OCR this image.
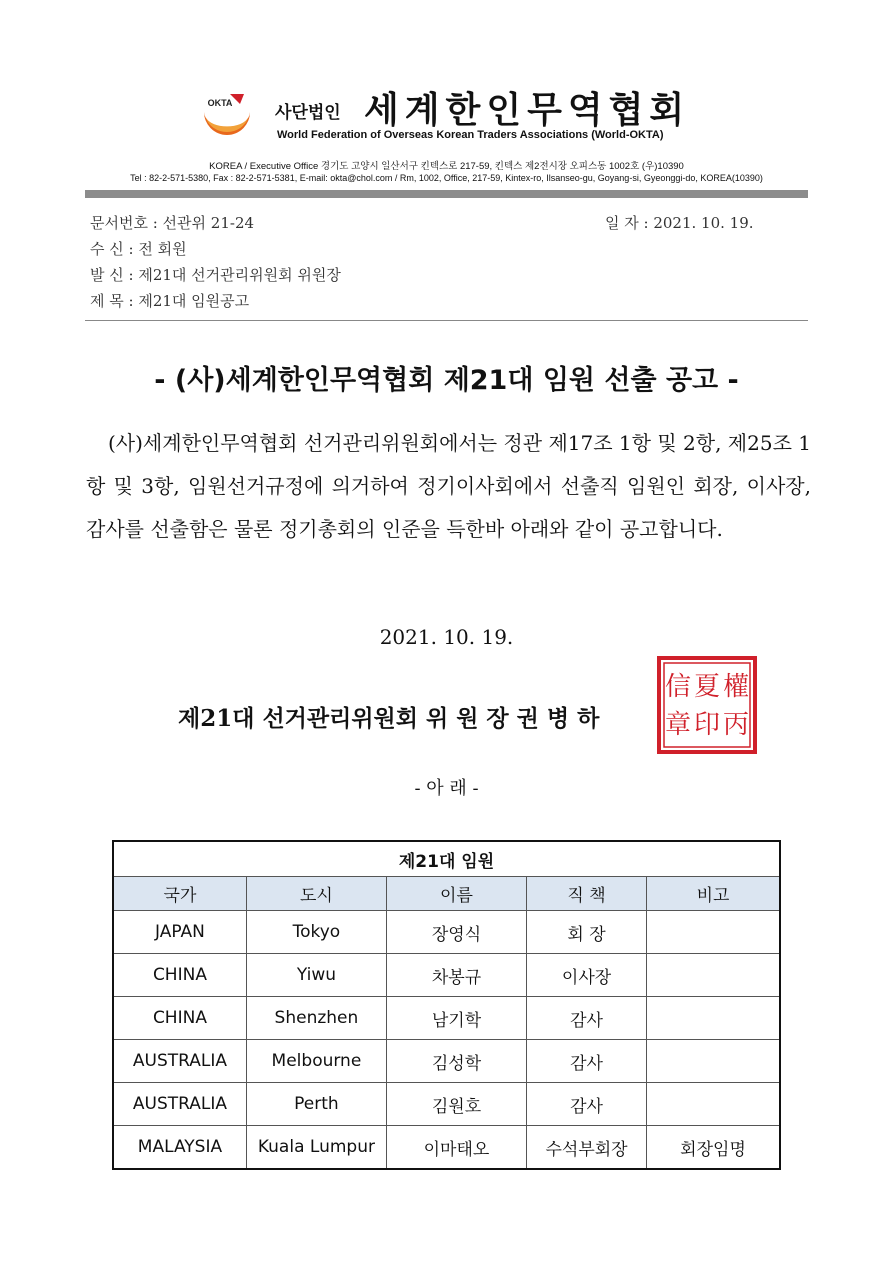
OKTA	사단법인 세계한인무역협회
World Federation of Overseas Korean Traders Associations (World-OKTA)
KOREA / Executive Office 경기도 고양시 일산서구 킨텍스로 217-59, 킨텍스 제2전시장 오피스동 1002호 (우)10390
Tel : 82-2-571-5380, Fax : 82-2-571-5381, E-mail: okta@chol.com / Rm, 1002, Office, 217-59, Kintex-ro, Ilsanseo-gu, Goyang-si, Gyeonggi-do, KOREA(10390)
문서번호 : 선관위 21-24	일 자 : 2021. 10. 19.
수 신 : 전 회원
발 신 : 제21대 선거관리위원회 위원장
제 목 : 제21대 임원공고
- (사)세계한인무역협회 제21대 임원 선출 공고 -
(사)세계한인무역협회 선거관리위원회에서는 정관 제17조 1항 및 2항, 제25조 1항 및 3항, 임원선거규정에 의거하여 정기이사회에서 선출직 임원인 회장, 이사장, 감사를 선출함은 물론 정기총회의 인준을 득한바 아래와 같이 공고합니다.
2021. 10. 19.
제21대 선거관리위원회 위 원 장 권 병 하
權
丙
夏
印
信
章
- 아 래 -
제21대 임원				
국가	도시	이름	직 책	비고
JAPAN	Tokyo	장영식	회 장	
CHINA	Yiwu	차봉규	이사장	
CHINA	Shenzhen	남기학	감사	
AUSTRALIA	Melbourne	김성학	감사	
AUSTRALIA	Perth	김원호	감사	
MALAYSIA	Kuala Lumpur	이마태오	수석부회장	회장임명
